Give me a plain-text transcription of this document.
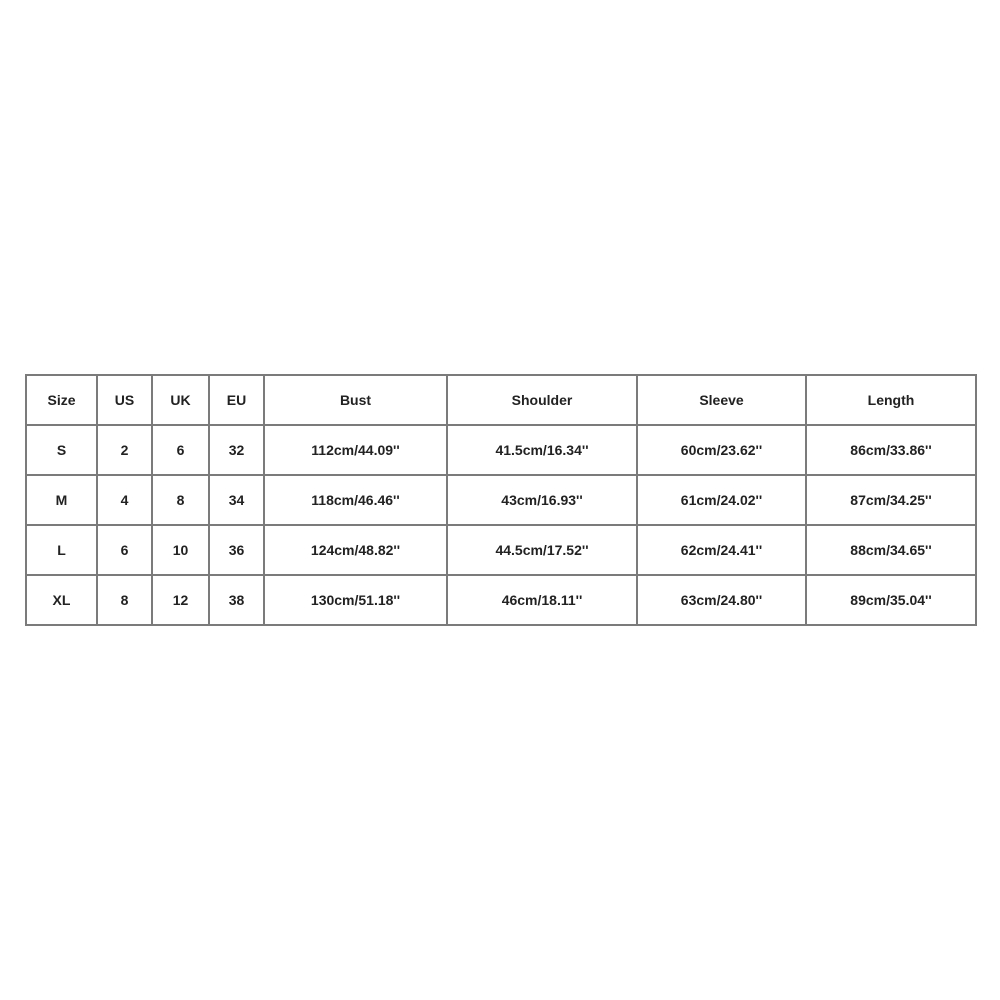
Size	US	UK	EU	Bust	Shoulder	Sleeve	Length
S	2	6	32	112cm/44.09''	41.5cm/16.34''	60cm/23.62''	86cm/33.86''
M	4	8	34	118cm/46.46''	43cm/16.93''	61cm/24.02''	87cm/34.25''
L	6	10	36	124cm/48.82''	44.5cm/17.52''	62cm/24.41''	88cm/34.65''
XL	8	12	38	130cm/51.18''	46cm/18.11''	63cm/24.80''	89cm/35.04''
